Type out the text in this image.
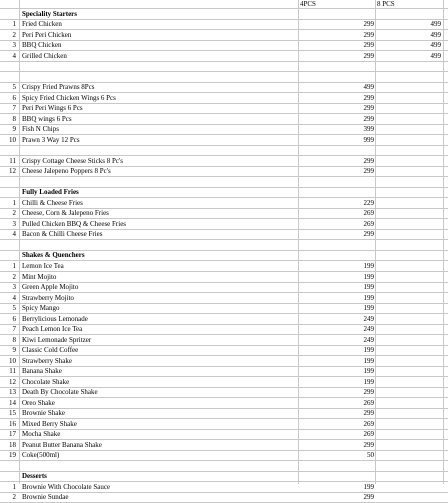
4PCS	8 PCS
Speciality Starters
1 Fried Chicken	299	499
2 Peri Peri Chicken	299	499
3 BBQ Chicken	299	499
4 Grilled Chicken	299	499
5 Crispy Fried Prawns 8Pcs	499
6 Spicy Fried Chicken Wings 6 Pcs	299
7 Peri Peri Wings 6 Pcs	299
8 BBQ wings 6 Pcs	299
9 Fish N Chips	399
10 Prawn 3 Way 12 Pcs	999
11 Crispy Cottage Cheese Sticks 8 Pc's	299
12 Cheese Jalepeno Poppers 8 Pc's	299
Fully Loaded Fries
1 Chilli & Cheese Fries	229
2 Cheese, Corn & Jalepeno Fries	269
3 Pulled Chicken BBQ & Cheese Fries	269
4 Bacon & Chilli Cheese Fries	299
Shakes & Quenchers
1 Lemon Ice Tea	199
2 Mint Mojito	199
3 Green Apple Mojito	199
4 Strawberry Mojito	199
5 Spicy Mango	199
6 Berrylicious Lemonade	249
7 Peach Lemon Ice Tea	249
8 Kiwi Lemonade Spritzer	249
9 Classic Cold Coffee	199
10 Strawberry Shake	199
11 Banana Shake	199
12 Chocolate Shake	199
13 Death By Chocolate Shake	299
14 Oreo Shake	269
15 Brownie Shake	299
16 Mixed Berry Shake	269
17 Mocha Shake	269
18 Peanut Butter Banana Shake	299
19 Coke(500ml)	50
Desserts
1 Brownie With Chocolate Sauce	199
2 Brownie Sundae	299
